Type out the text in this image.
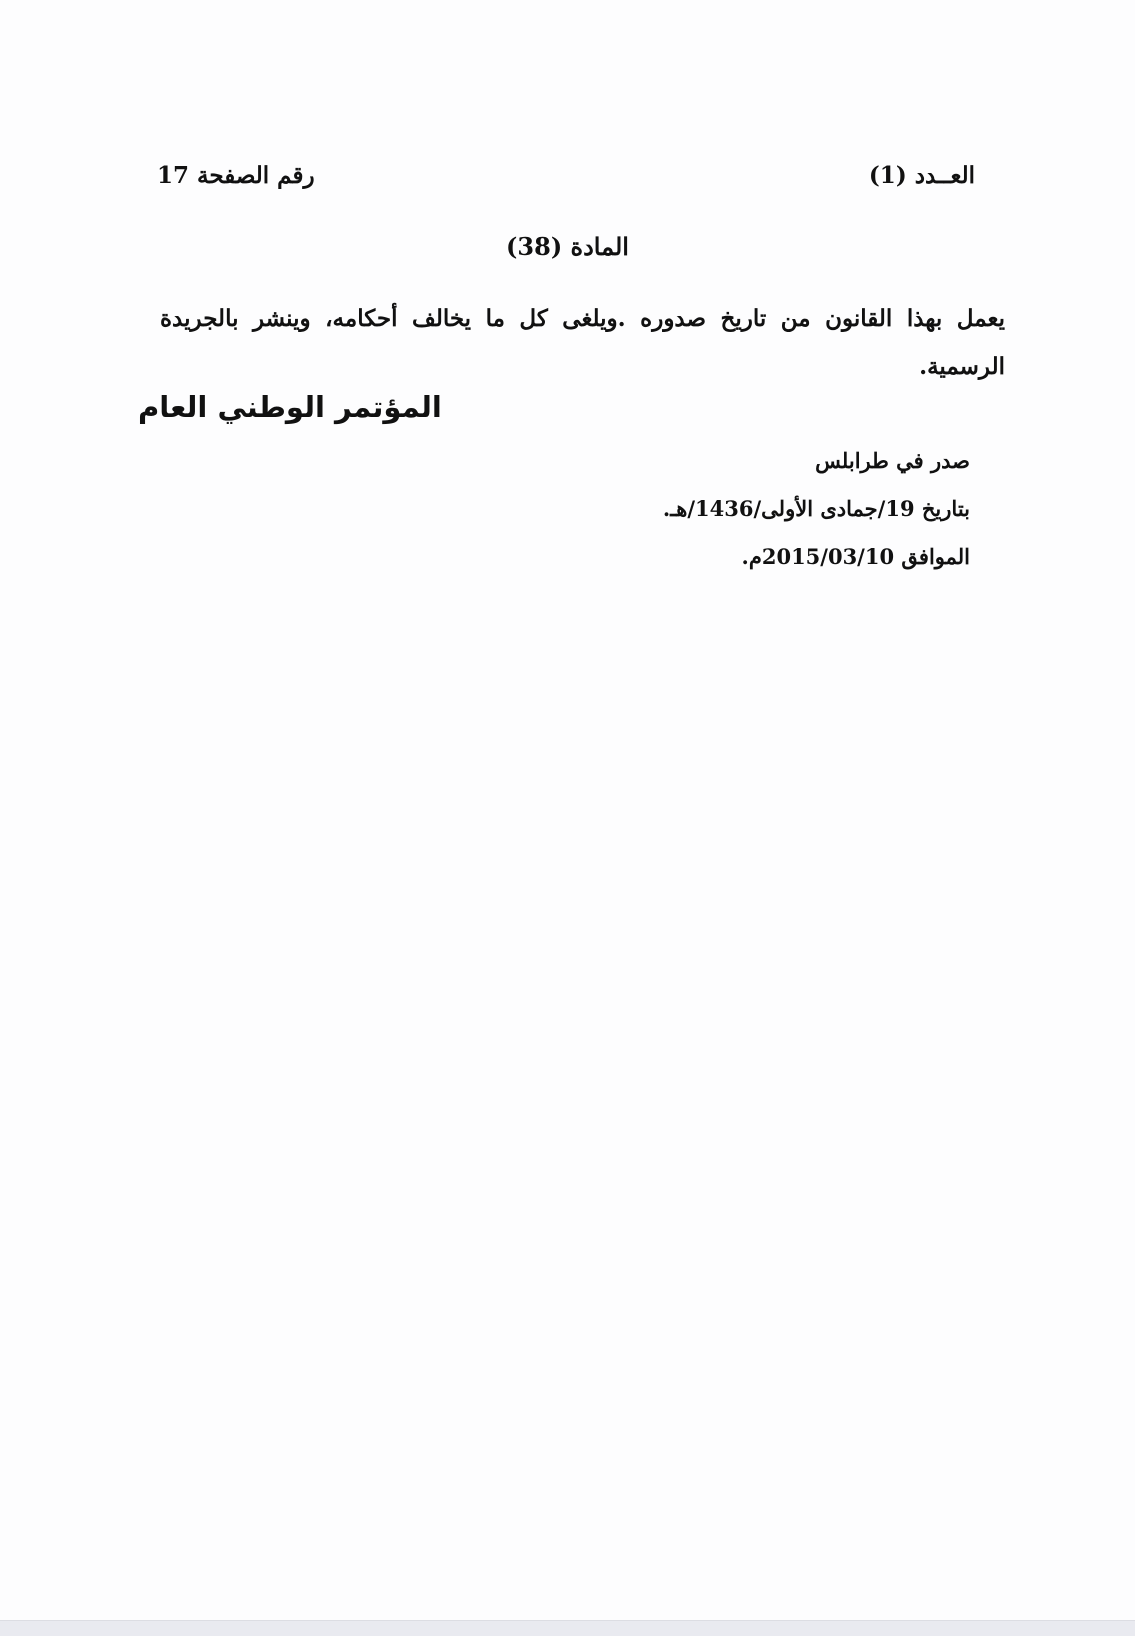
العــدد (1)
رقم الصفحة 17
المادة (38)
يعمل بهذا القانون من تاريخ صدوره .ويلغى كل ما يخالف أحكامه، وينشر بالجريدة الرسمية.
المؤتمر الوطني العام
صدر في طرابلس
بتاريخ 19/جمادى الأولى/1436/هـ.
الموافق 2015/03/10م.
